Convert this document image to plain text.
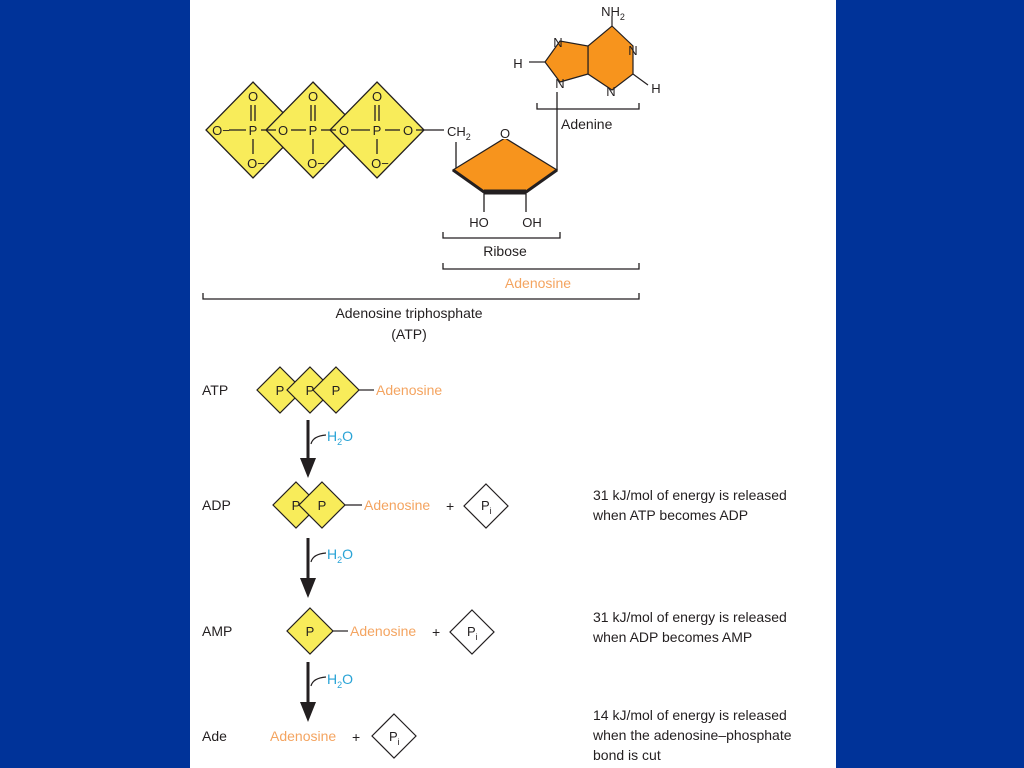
O	O	O
O− P O P O P O
O−	O−	O−
$CH_2$ O
HO	OH
$NH_2$
N
N
N
N
H
H
Adenine
Ribose
Adenosine
Adenosine triphosphate
(ATP)
ATP	P P P	Adenosine
$H_2O$
ADP	P P	Adenosine + $P_i$
31 kJ/mol of energy is released
when ATP becomes ADP
$H_2O$
AMP	P	Adenosine + $P_i$
31 kJ/mol of energy is released
when ADP becomes AMP
$H_2O$
Ade	Adenosine + $P_i$
14 kJ/mol of energy is released
when the adenosine–phosphate
bond is cut
